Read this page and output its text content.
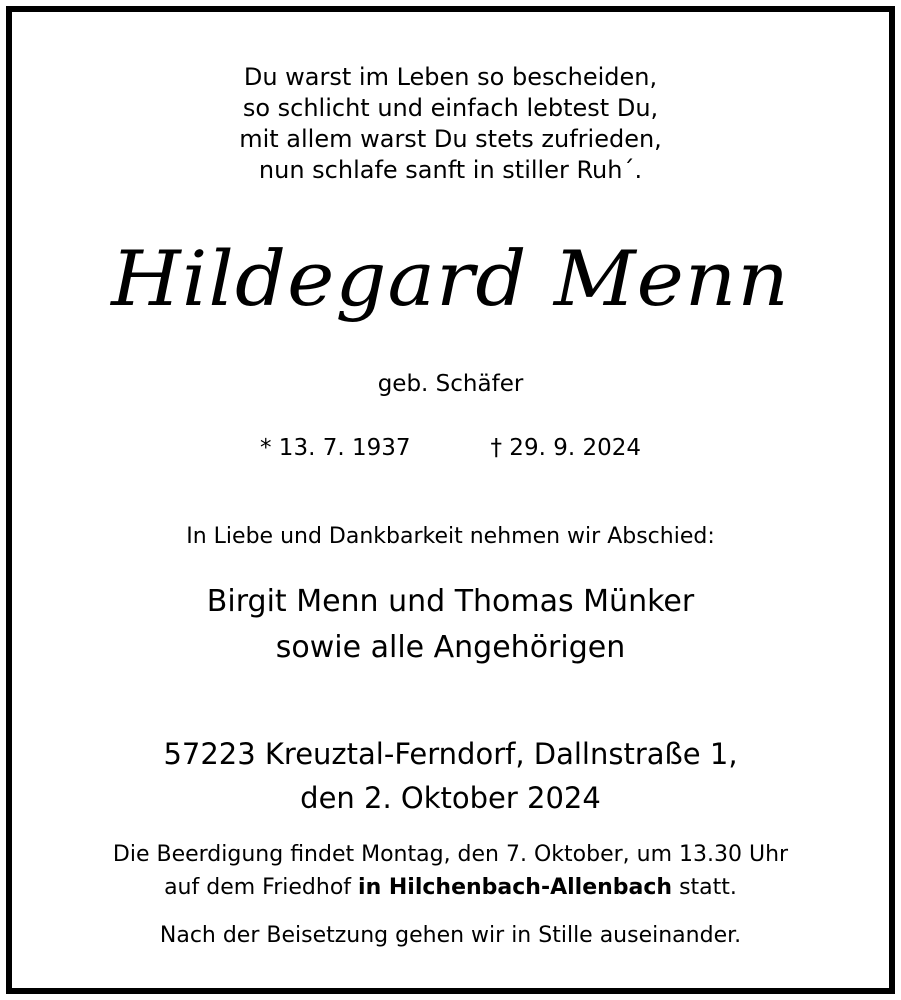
Du warst im Leben so bescheiden,
so schlicht und einfach lebtest Du,
mit allem warst Du stets zufrieden,
nun schlafe sanft in stiller Ruh´.
Hildegard Menn
geb. Schäfer
* 13. 7. 1937	† 29. 9. 2024
In Liebe und Dankbarkeit nehmen wir Abschied:
Birgit Menn und Thomas Münker
sowie alle Angehörigen
57223 Kreuztal-Ferndorf, Dallnstraße 1,
den 2. Oktober 2024
Die Beerdigung findet Montag, den 7. Oktober, um 13.30 Uhr
auf dem Friedhof in Hilchenbach-Allenbach statt.
Nach der Beisetzung gehen wir in Stille auseinander.
